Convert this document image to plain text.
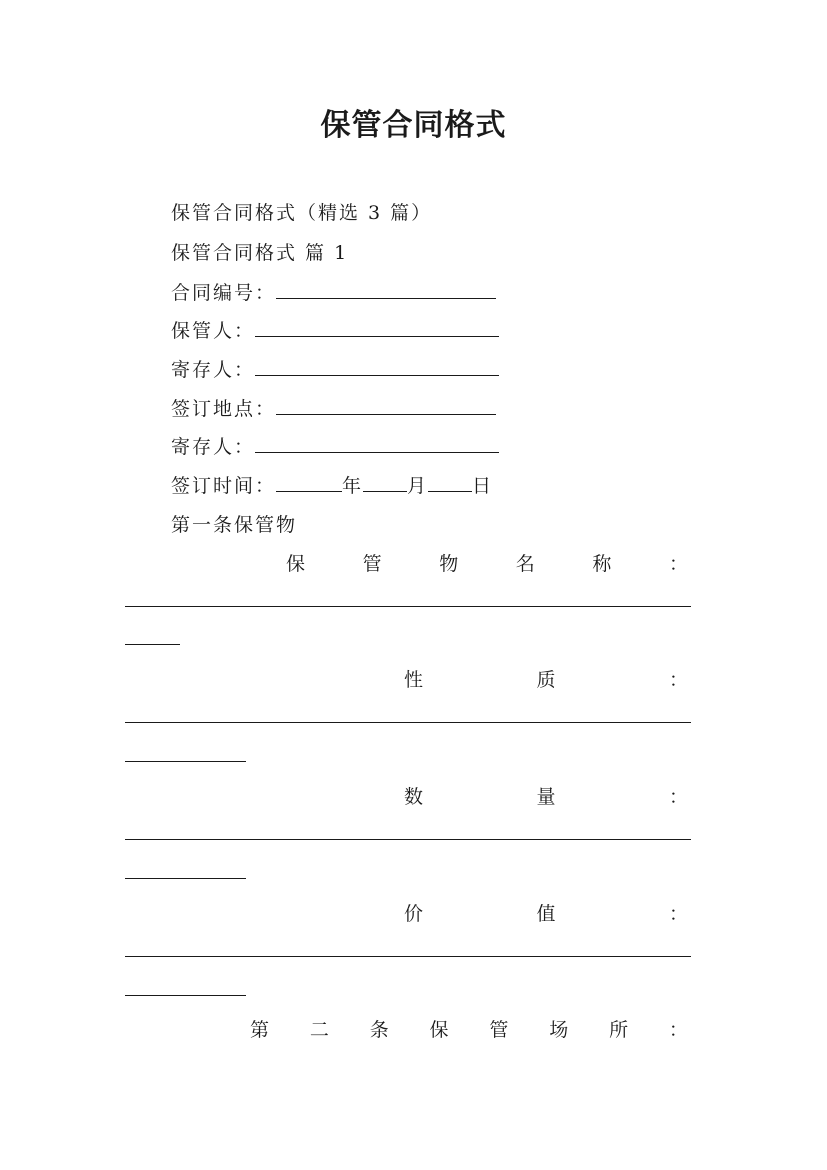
保管合同格式
保管合同格式（精选 3 篇）
保管合同格式 篇 1
合同编号：
保管人：
寄存人：
签订地点：
寄存人：
签订时间：	年 月 日
第一条保管物
保	管	物	名	称	：
性	质	：
数	量	：
价	值	：
第 二 条 保 管 场 所 ：
